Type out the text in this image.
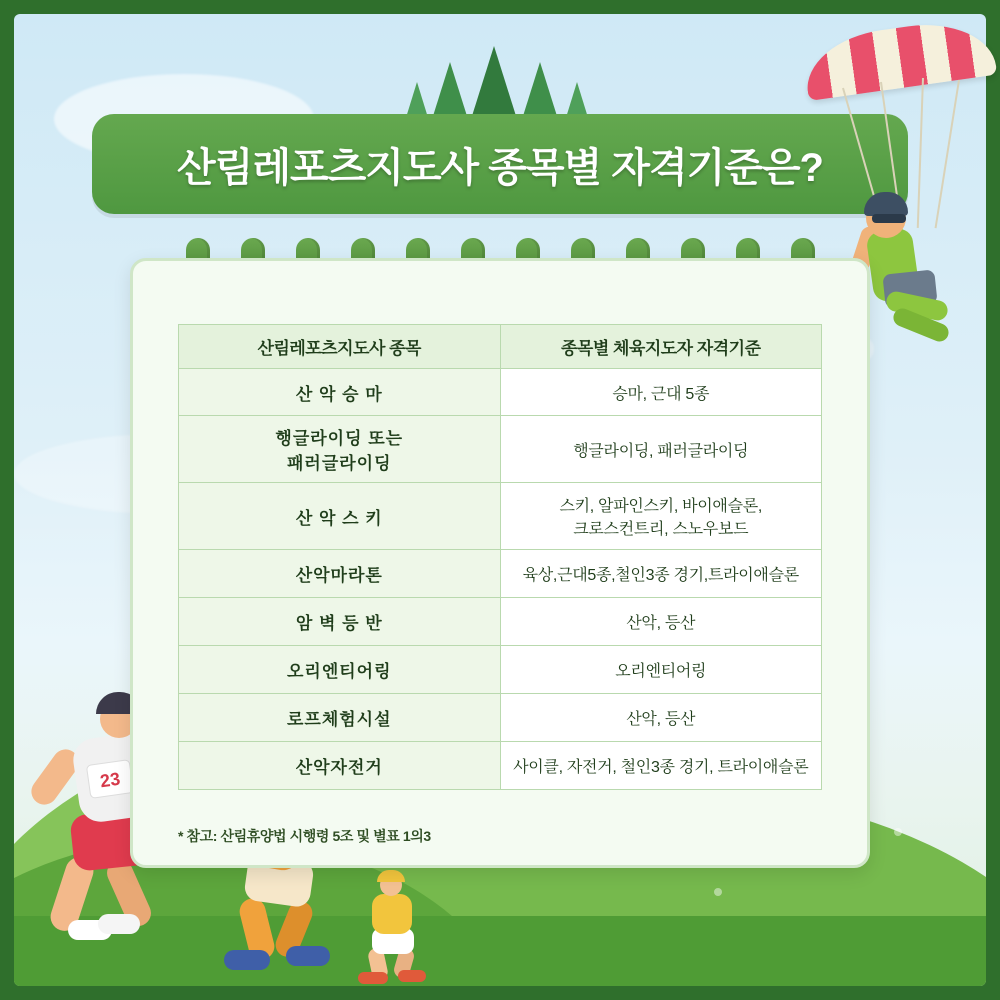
23
산림레포츠지도사 종목별 자격기준은?
산림레포츠지도사 종목	종목별 체육지도자 자격기준
산 악 승 마	승마, 근대 5종
행글라이딩 또는
패러글라이딩	행글라이딩, 패러글라이딩
산 악 스 키	스키, 알파인스키, 바이애슬론,
크로스컨트리, 스노우보드
산악마라톤	육상,근대5종,철인3종 경기,트라이애슬론
암 벽 등 반	산악, 등산
오리엔티어링	오리엔티어링
로프체험시설	산악, 등산
산악자전거	사이클, 자전거, 철인3종 경기, 트라이애슬론
* 참고: 산림휴양법 시행령 5조 및 별표 1의3
